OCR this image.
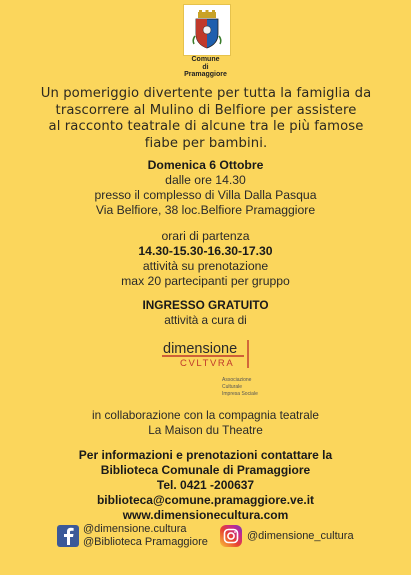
Comune
di
Pramaggiore
Un pomeriggio divertente per tutta la famiglia da
trascorrere al Mulino di Belfiore per assistere
al racconto teatrale di alcune tra le più famose
fiabe per bambini.
Domenica 6 Ottobre
dalle ore 14.30
presso il complesso di Villa Dalla Pasqua
Via Belfiore, 38 loc.Belfiore Pramaggiore
orari di partenza
14.30-15.30-16.30-17.30
attività su prenotazione
max 20 partecipanti per gruppo
INGRESSO GRATUITO
attività a cura di
dimensione
CVLTVRA
Associazione
Culturale
Impresa Sociale
in collaborazione con la compagnia teatrale
La Maison du Theatre
Per informazioni e prenotazioni contattare la
Biblioteca Comunale di Pramaggiore
Tel. 0421 -200637
biblioteca@comune.pramaggiore.ve.it
www.dimensionecultura.com
@dimensione.cultura
@Biblioteca Pramaggiore	@dimensione_cultura
